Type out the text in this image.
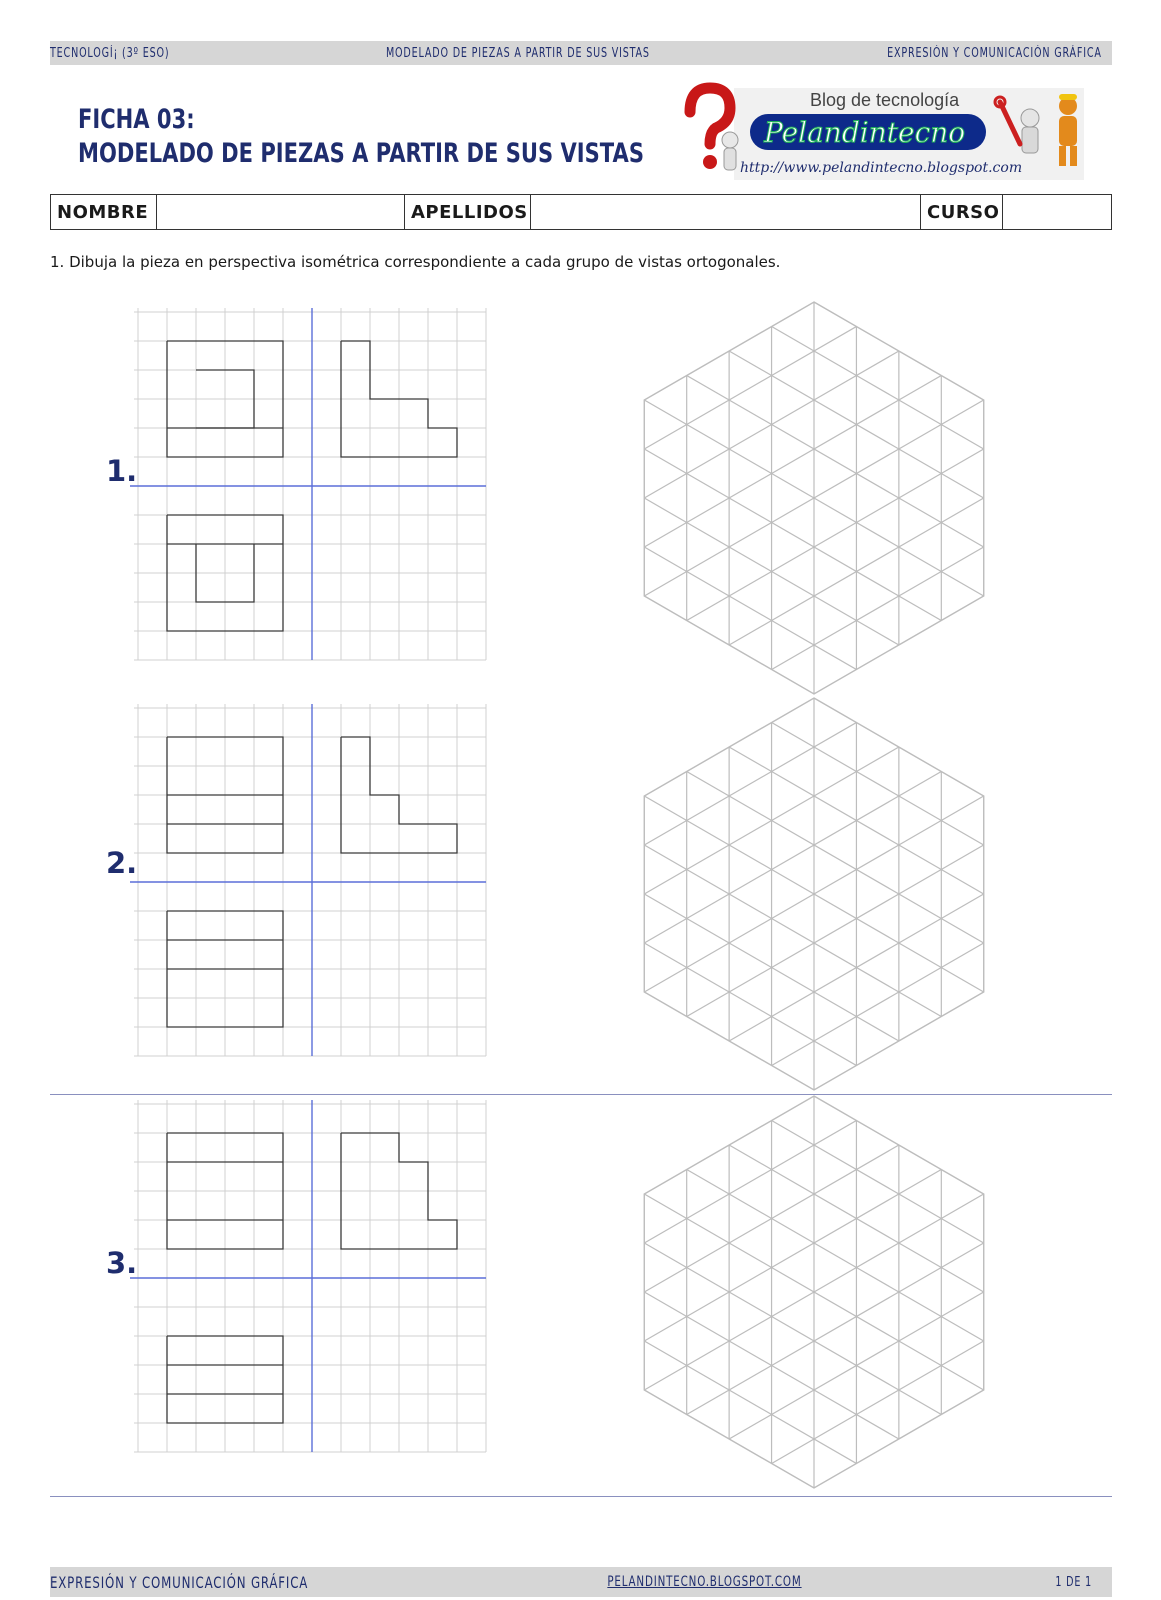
TECNOLOGÍ¡ (3º ESO)	MODELADO DE PIEZAS A PARTIR DE SUS VISTAS	EXPRESIÓN Y COMUNICACIÓN GRÁFICA
FICHA 03:
MODELADO DE PIEZAS A PARTIR DE SUS VISTAS
Blog de tecnología
Pelandintecno
http://www.pelandintecno.blogspot.com
NOMBRE	APELLIDOS	CURSO
1. Dibuja la pieza en perspectiva isométrica correspondiente a cada grupo de vistas ortogonales.
1.
2.
3.
EXPRESIÓN Y COMUNICACIÓN GRÁFICA	PELANDINTECNO.BLOGSPOT.COM	1 DE 1
